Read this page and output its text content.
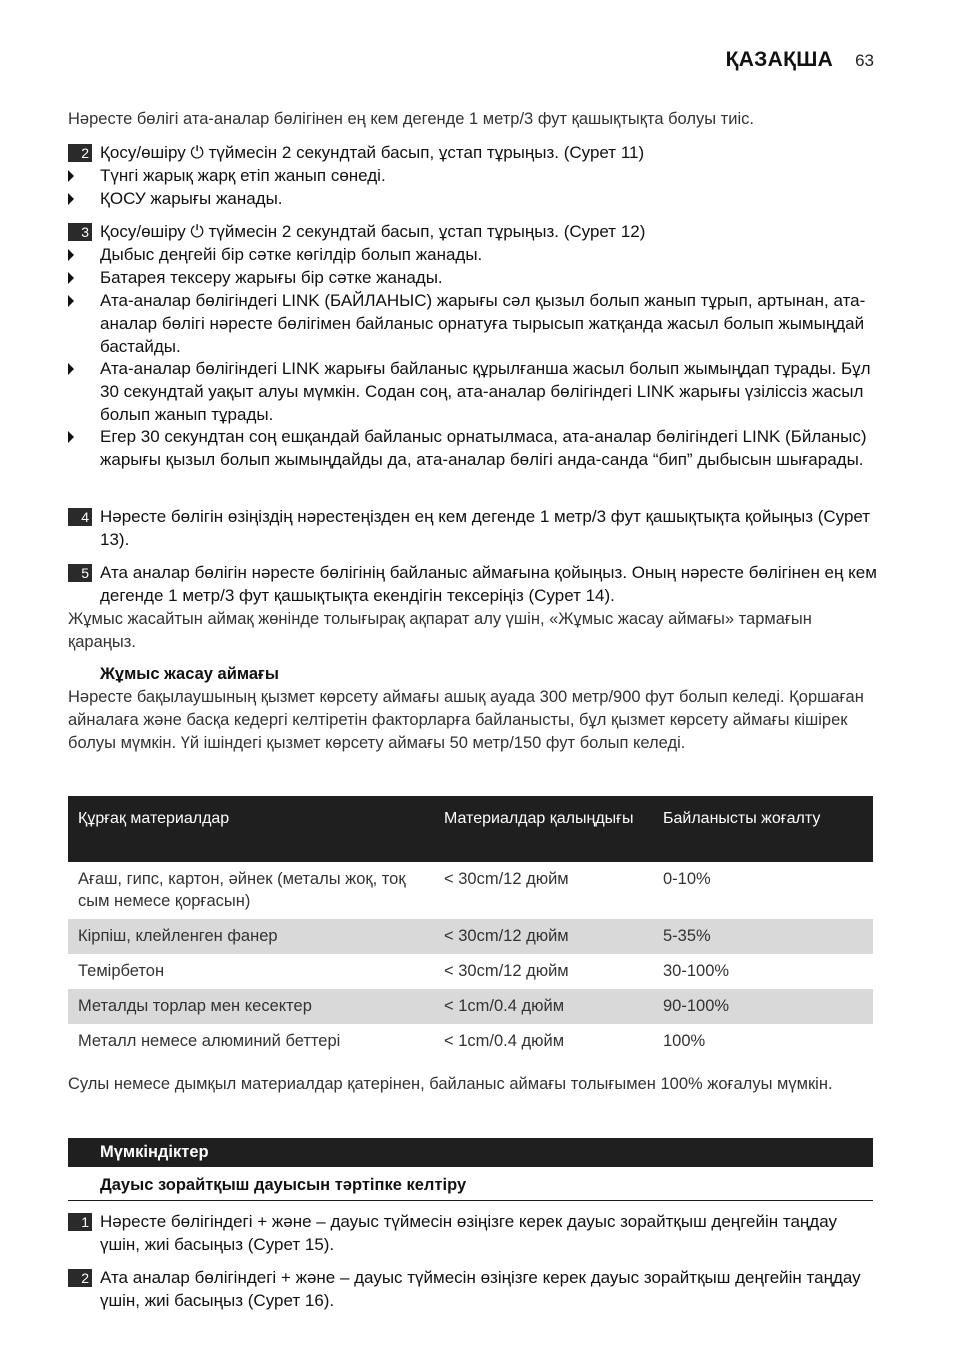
ҚАЗАҚША 63
Нәресте бөлігі ата-аналар бөлігінен ең кем дегенде 1 метр/3 фут қашықтықта болуы тиіс.
2 Қосу/өшіру ⏻ түймесін 2 секундтай басып, ұстап тұрыңыз. (Сурет 11)
Түнгі жарық жарқ етіп жанып сөнеді.
ҚОСУ жарығы жанады.
3 Қосу/өшіру ⏻ түймесін 2 секундтай басып, ұстап тұрыңыз. (Сурет 12)
Дыбыс деңгейі бір сәтке көгілдір болып жанады.
Батарея тексеру жарығы бір сәтке жанады.
Ата-аналар бөлігіндегі LINK (БАЙЛАНЫС) жарығы сәл қызыл болып жанып тұрып, артынан, ата-аналар бөлігі нәресте бөлігімен байланыс орнатуға тырысып жатқанда жасыл болып жымыңдай бастайды.
Ата-аналар бөлігіндегі LINK жарығы байланыс құрылғанша жасыл болып жымыңдап тұрады. Бұл 30 секундтай уақыт алуы мүмкін. Содан соң, ата-аналар бөлігіндегі LINK жарығы үзіліссіз жасыл болып жанып тұрады.
Егер 30 секундтан соң ешқандай байланыс орнатылмаса, ата-аналар бөлігіндегі LINK (Бйланыс) жарығы қызыл болып жымыңдайды да, ата-аналар бөлігі анда-санда “бип” дыбысын шығарады.
4 Нәресте бөлігін өзіңіздің нәрестеңізден ең кем дегенде 1 метр/3 фут қашықтықта қойыңыз (Сурет 13).
5 Ата аналар бөлігін нәресте бөлігінің байланыс аймағына қойыңыз. Оның нәресте бөлігінен ең кем дегенде 1 метр/3 фут қашықтықта екендігін тексеріңіз (Сурет 14).
Жұмыс жасайтын аймақ жөнінде толығырақ ақпарат алу үшін, «Жұмыс жасау аймағы» тармағын қараңыз.
Жұмыс жасау аймағы
Нәресте бақылаушының қызмет көрсету аймағы ашық ауада 300 метр/900 фут болып келеді. Қоршаған айналаға және басқа кедергі келтіретін факторларға байланысты, бұл қызмет көрсету аймағы кішірек болуы мүмкін. Үй ішіндегі қызмет көрсету аймағы 50 метр/150 фут болып келеді.
Құрғақ материалдар	Материалдар қалыңдығы	Байланысты жоғалту
Ағаш, гипс, картон, әйнек (металы жоқ, тоқ сым немесе қорғасын)	< 30cm/12 дюйм	0-10%
Кірпіш, клейленген фанер	< 30cm/12 дюйм	5-35%
Темірбетон	< 30cm/12 дюйм	30-100%
Металды торлар мен кесектер	< 1cm/0.4 дюйм	90-100%
Металл немесе алюминий беттері	< 1cm/0.4 дюйм	100%
Сулы немесе дымқыл материалдар қатерінен, байланыс аймағы толығымен 100% жоғалуы мүмкін.
Мүмкіндіктер
Дауыс зорайтқыш дауысын тәртіпке келтіру
1 Нәресте бөлігіндегі + және – дауыс түймесін өзіңізге керек дауыс зорайтқыш деңгейін таңдау үшін, жиі басыңыз (Сурет 15).
2 Ата аналар бөлігіндегі + және – дауыс түймесін өзіңізге керек дауыс зорайтқыш деңгейін таңдау үшін, жиі басыңыз (Сурет 16).
